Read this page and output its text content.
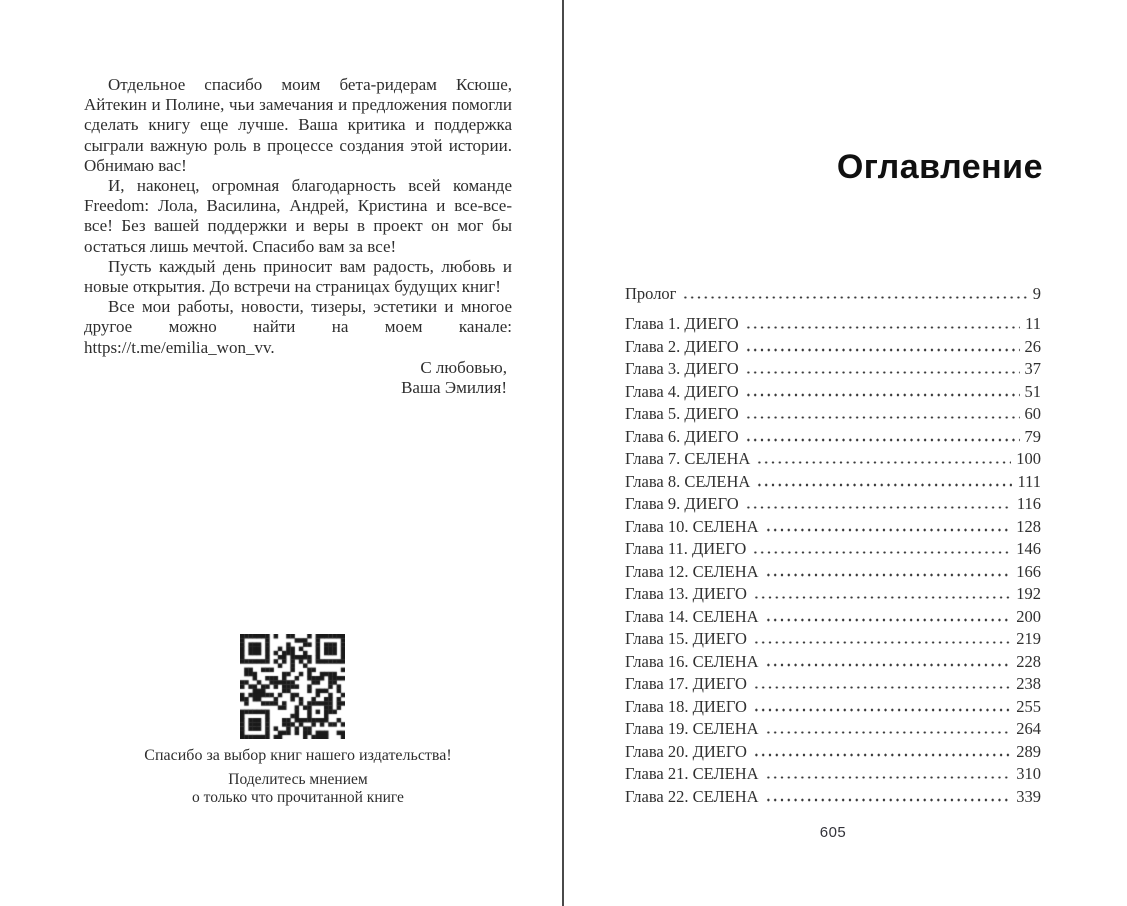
Отдельное спасибо моим бета-ридерам Ксюше, Айтекин и Полине, чьи замечания и предложения помогли сделать книгу еще лучше. Ваша критика и поддержка сыграли важную роль в процессе создания этой истории. Обнимаю вас!

И, наконец, огромная благодарность всей команде Freedom: Лола, Василина, Андрей, Кристина и все-все-все! Без вашей поддержки и веры в проект он мог бы остаться лишь мечтой. Спасибо вам за все!

Пусть каждый день приносит вам радость, любовь и новые открытия. До встречи на страницах будущих книг!

Все мои работы, новости, тизеры, эстетики и многое другое можно найти на моем канале: https://t.me/emilia_won_vv.

С любовью,
Ваша Эмилия!
Спасибо за выбор книг нашего издательства!
Поделитесь мнением
о только что прочитанной книге
Оглавление
Пролог	9
Глава 1. ДИЕГО	11
Глава 2. ДИЕГО	26
Глава 3. ДИЕГО	37
Глава 4. ДИЕГО	51
Глава 5. ДИЕГО	60
Глава 6. ДИЕГО	79
Глава 7. СЕЛЕНА	100
Глава 8. СЕЛЕНА	111
Глава 9. ДИЕГО	116
Глава 10. СЕЛЕНА	128
Глава 11. ДИЕГО	146
Глава 12. СЕЛЕНА	166
Глава 13. ДИЕГО	192
Глава 14. СЕЛЕНА	200
Глава 15. ДИЕГО	219
Глава 16. СЕЛЕНА	228
Глава 17. ДИЕГО	238
Глава 18. ДИЕГО	255
Глава 19. СЕЛЕНА	264
Глава 20. ДИЕГО	289
Глава 21. СЕЛЕНА	310
Глава 22. СЕЛЕНА	339
605
